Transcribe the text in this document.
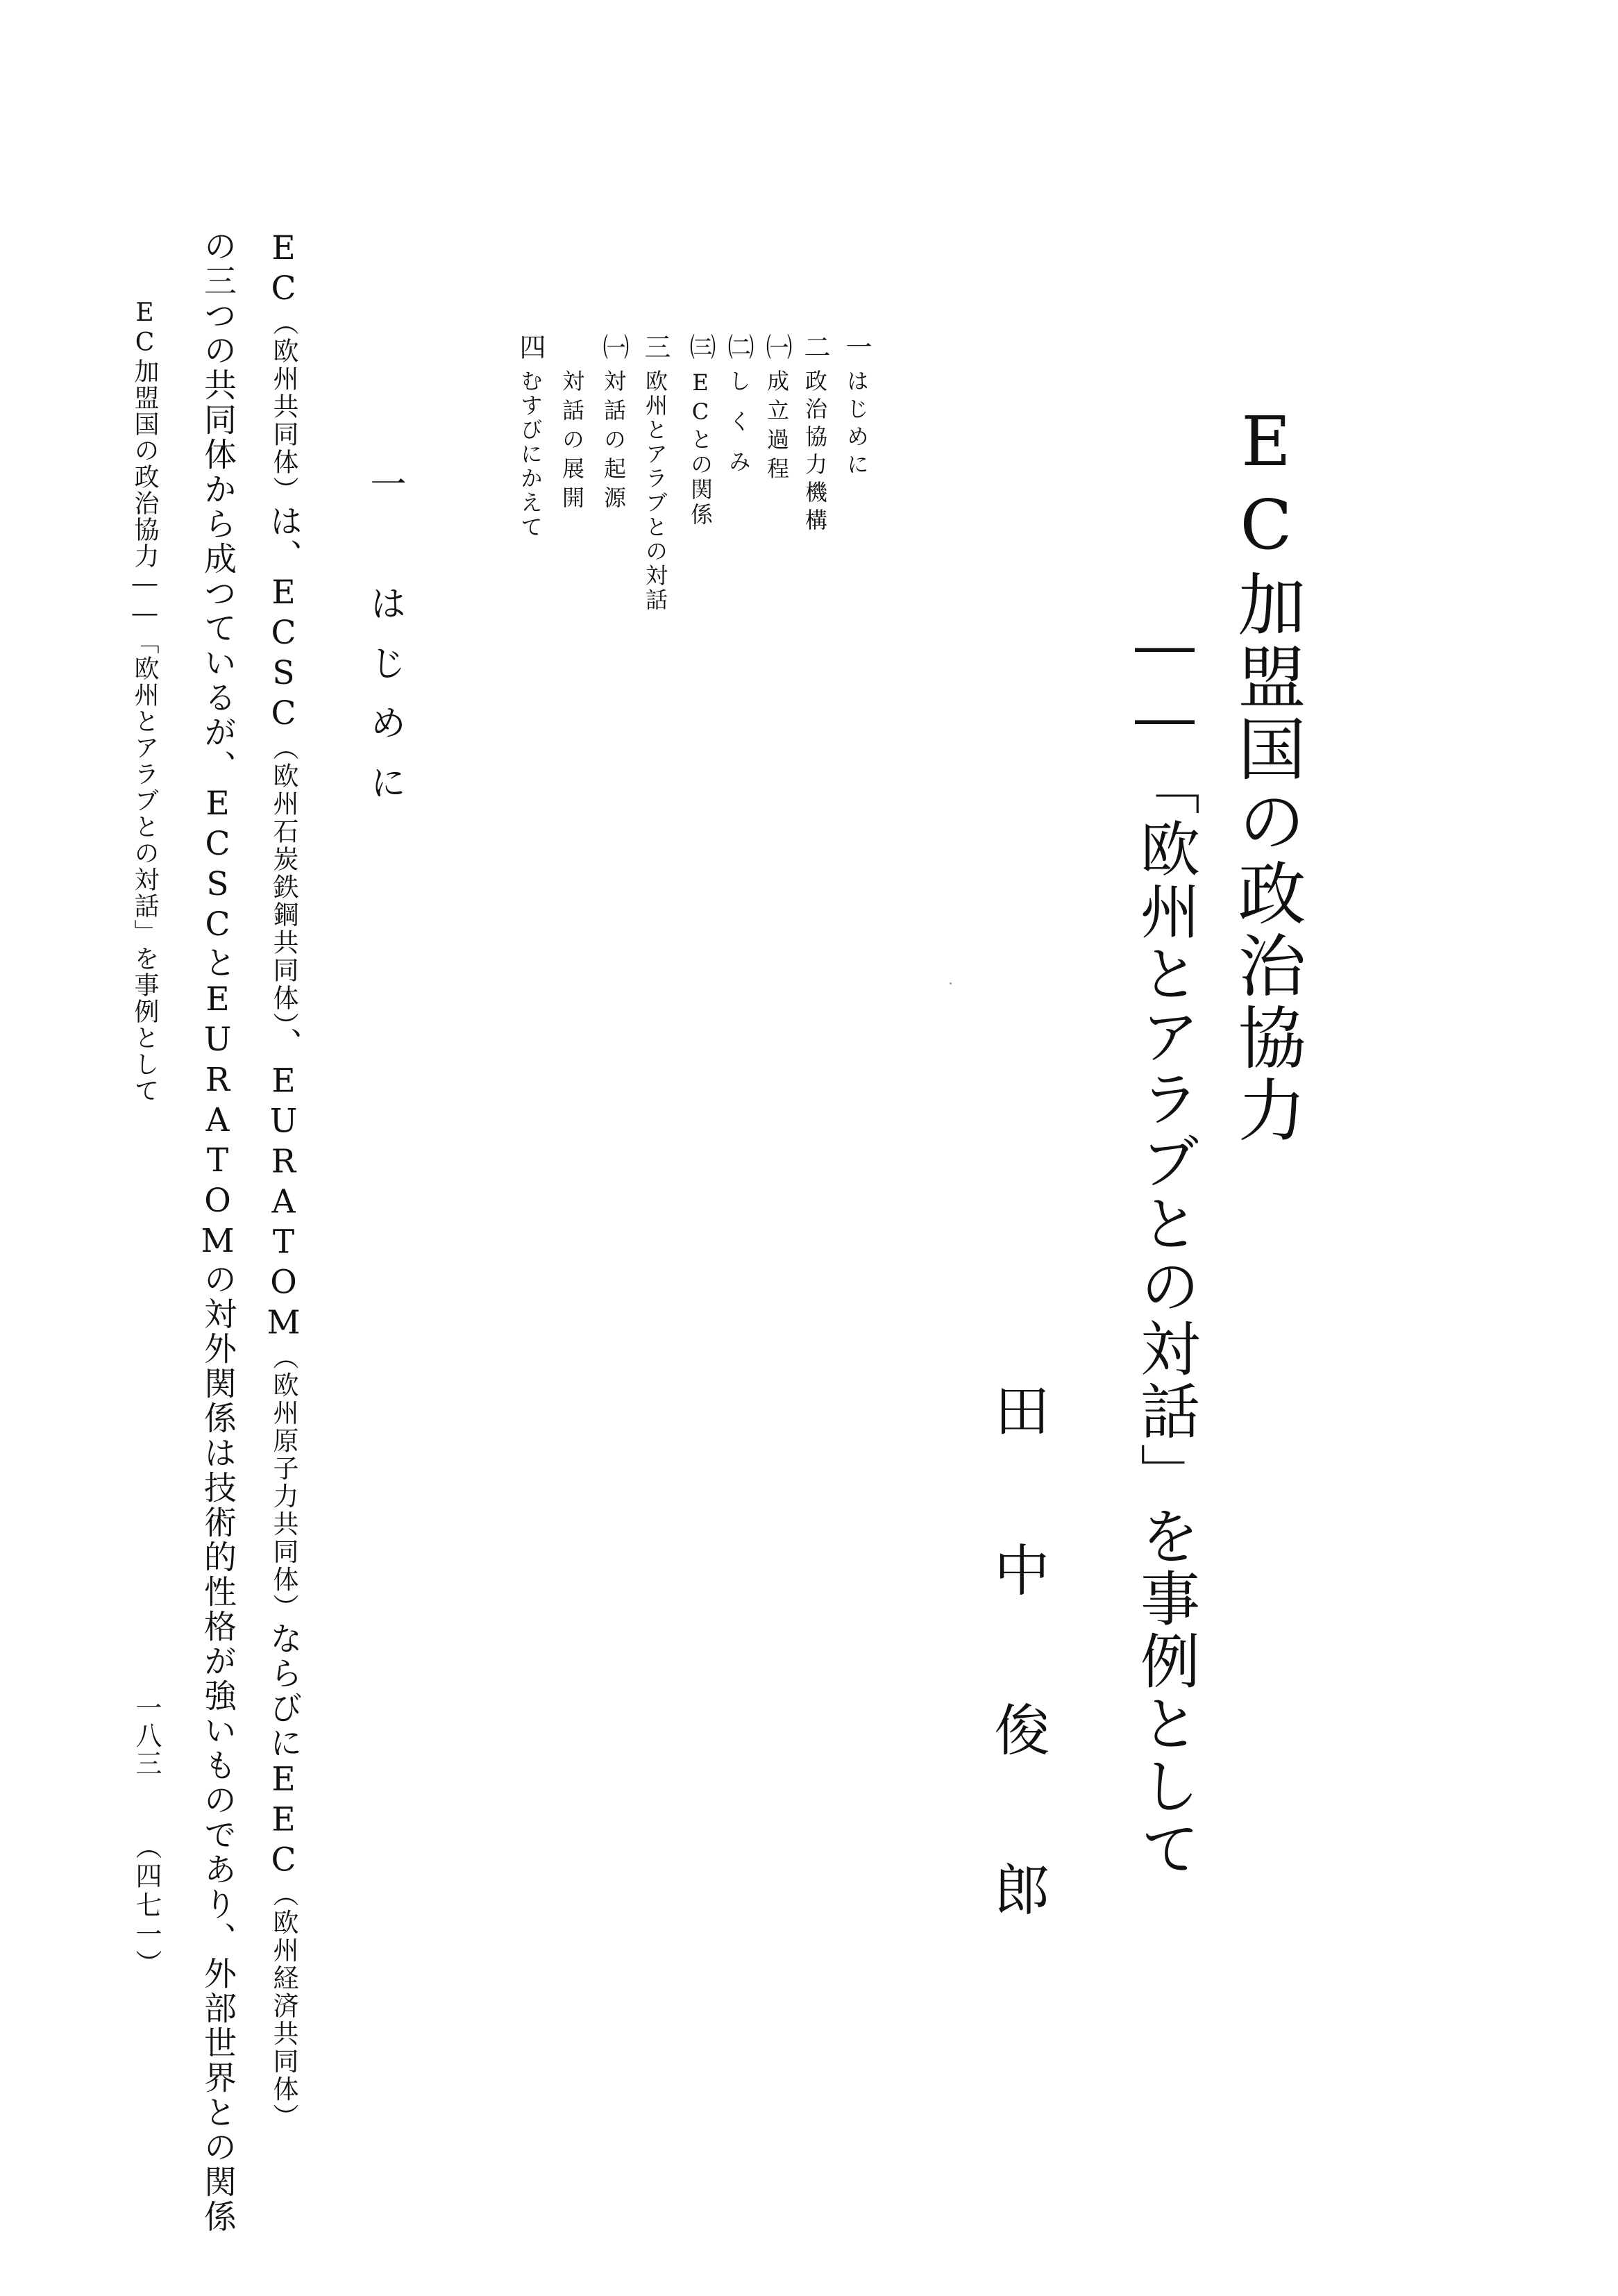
EC加盟国の政治協力
――「欧州とアラブとの対話」を事例として
田中俊郎
一はじめに
二政治協力機構
㈠成立過程
㈡しくみ
㈢ECとの関係
三欧州とアラブとの対話
㈠対話の起源
対話の展開
四むすびにかえて
一　はじめに
EC（欧州共同体）は、ECSC（欧州石炭鉄鋼共同体）、EURATOM（欧州原子力共同体）ならびにEEC（欧州経済共同体）
の三つの共同体から成つているが、ECSCとEURATOMの対外関係は技術的性格が強いものであり、外部世界との関係
EC加盟国の政治協力――「欧州とアラブとの対話」を事例として
一八三
（四七一）
